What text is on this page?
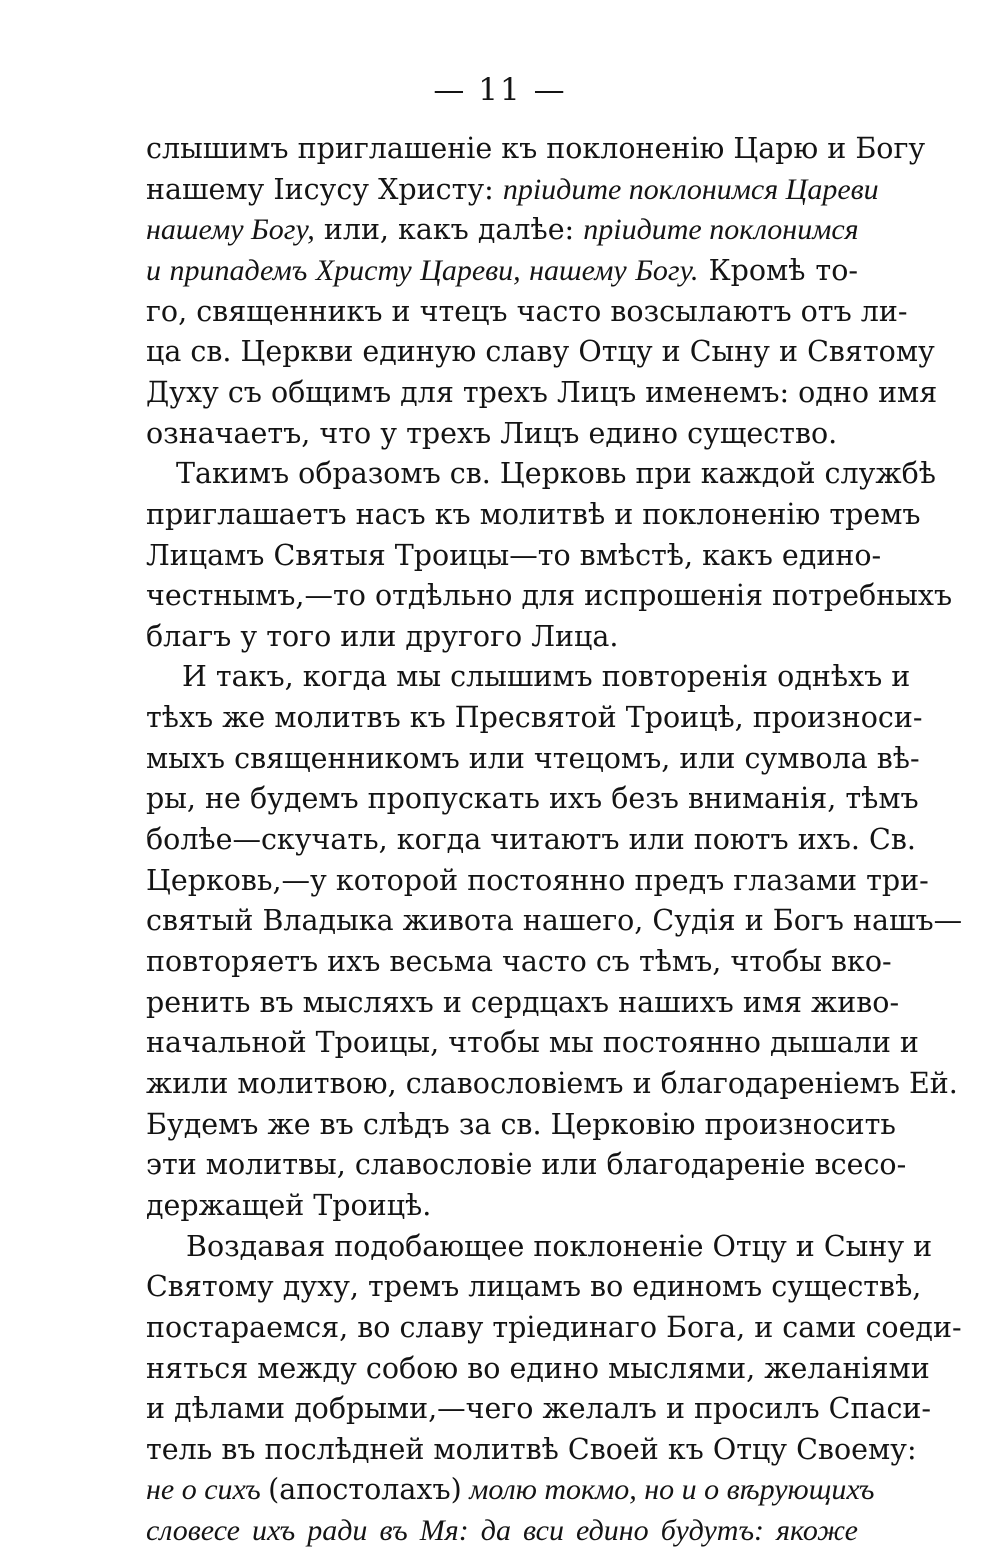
— 11 —
слышимъ приглашеніе къ поклоненію Царю и Богу
нашему Іисусу Христу: пріидите поклонимся Цареви
нашему Богу, или, какъ далѣе: пріидите поклонимся
и припадемъ Христу Цареви, нашему Богу. Кромѣ то-
го, священникъ и чтецъ часто возсылаютъ отъ ли-
ца св. Церкви единую славу Отцу и Сыну и Святому
Духу съ общимъ для трехъ Лицъ именемъ: одно имя
означаетъ, что у трехъ Лицъ едино существо.
Такимъ образомъ св. Церковь при каждой службѣ
приглашаетъ насъ къ молитвѣ и поклоненію тремъ
Лицамъ Святыя Троицы—то вмѣстѣ, какъ едино-
честнымъ,—то отдѣльно для испрошенія потребныхъ
благъ у того или другого Лица.
И такъ, когда мы слышимъ повторенія однѣхъ и
тѣхъ же молитвъ къ Пресвятой Троицѣ, произноси-
мыхъ священникомъ или чтецомъ, или сумвола вѣ-
ры, не будемъ пропускать ихъ безъ вниманія, тѣмъ
болѣе—скучать, когда читаютъ или поютъ ихъ. Св.
Церковь,—у которой постоянно предъ глазами три-
святый Владыка живота нашего, Судія и Богъ нашъ—
повторяетъ ихъ весьма часто съ тѣмъ, чтобы вко-
ренить въ мысляхъ и сердцахъ нашихъ имя живо-
начальной Троицы, чтобы мы постоянно дышали и
жили молитвою, славословіемъ и благодареніемъ Ей.
Будемъ же въ слѣдъ за св. Церковію произносить
эти молитвы, славословіе или благодареніе всесо-
держащей Троицѣ.
Воздавая подобающее поклоненіе Отцу и Сыну и
Святому духу, тремъ лицамъ во единомъ существѣ,
постараемся, во славу тріединаго Бога, и сами соеди-
няться между собою во едино мыслями, желаніями
и дѣлами добрыми,—чего желалъ и просилъ Спаси-
тель въ послѣдней молитвѣ Своей къ Отцу Своему:
не о сихъ (апостолахъ) молю токмо, но и о вѣрующихъ
словесе ихъ ради въ Мя: да вси едино будутъ: якоже
